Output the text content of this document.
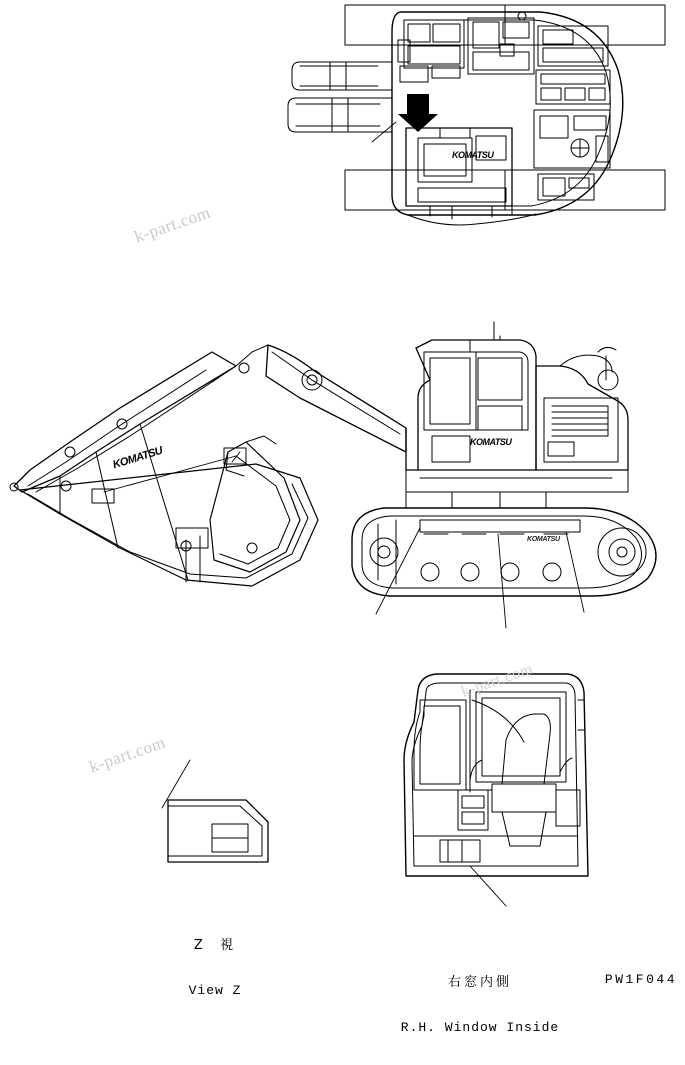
k-part.com
k-part.com
k-part.com
KOMATSU
KOMATSU
KOMATSU
KOMATSU

Z  視

View Z

右窓内側

R.H. Window Inside

PW1F044
